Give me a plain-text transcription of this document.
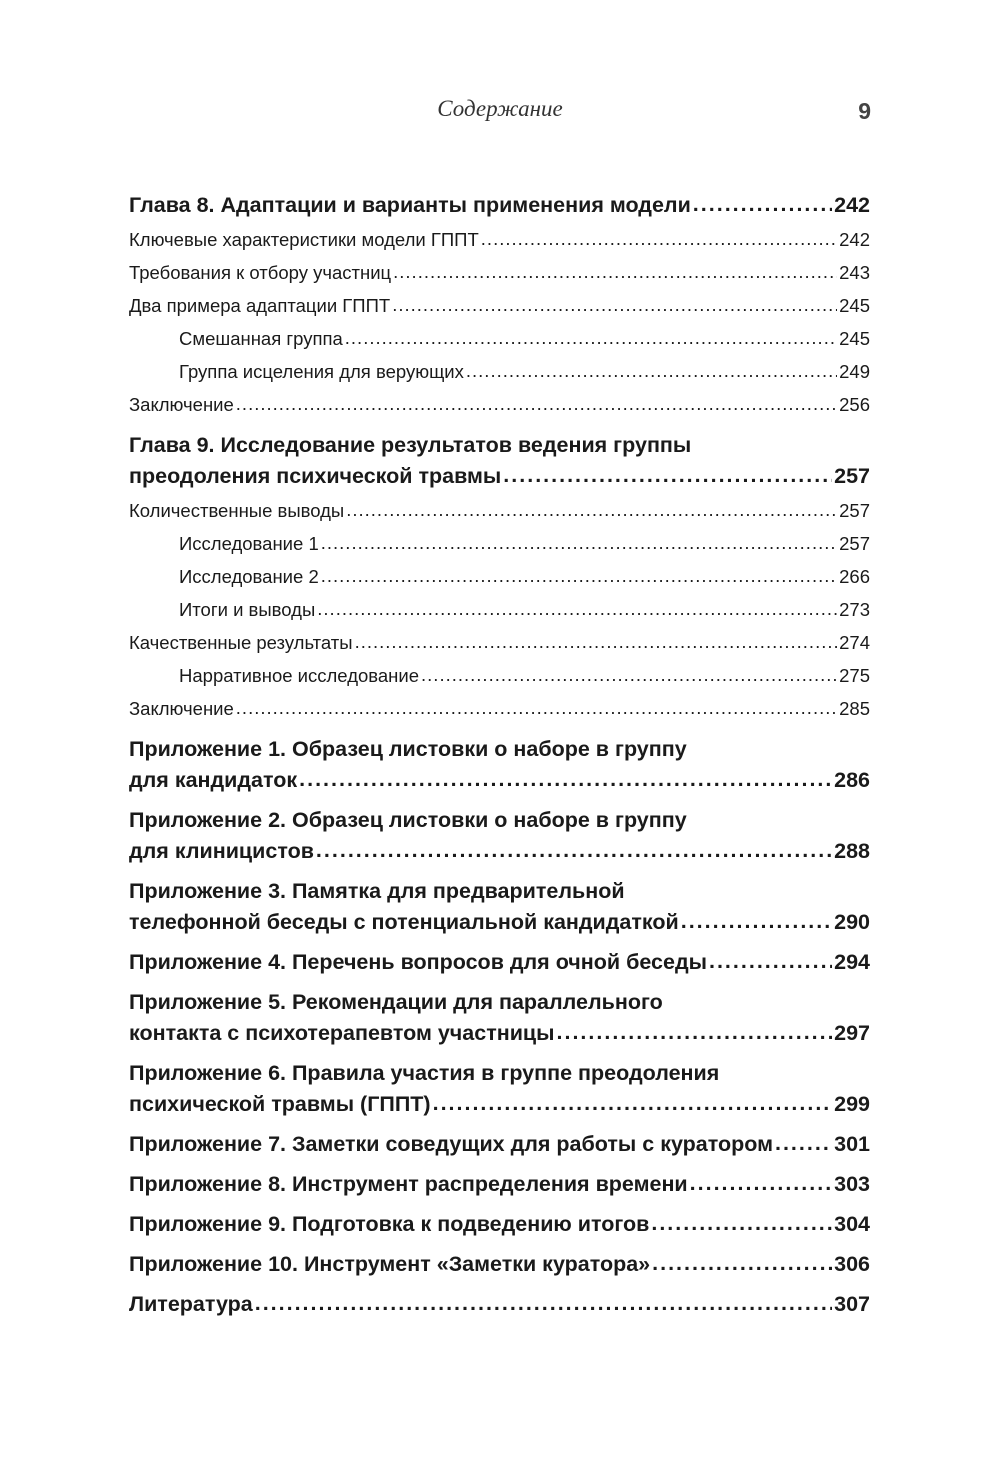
Содержание	9
Глава 8. Адаптации и варианты применения модели .....	242
Ключевые характеристики модели ГППТ .....	242
Требования к отбору участниц .....	243
Два примера адаптации ГППТ .....	245
Смешанная группа .....	245
Группа исцеления для верующих .....	249
Заключение .....	256
Глава 9. Исследование результатов ведения группы
преодоления психической травмы .....	257
Количественные выводы .....	257
Исследование 1 .....	257
Исследование 2 .....	266
Итоги и выводы .....	273
Качественные результаты .....	274
Нарративное исследование .....	275
Заключение .....	285
Приложение 1. Образец листовки о наборе в группу
для кандидаток .....	286
Приложение 2. Образец листовки о наборе в группу
для клиницистов .....	288
Приложение 3. Памятка для предварительной
телефонной беседы с потенциальной кандидаткой .....	290
Приложение 4. Перечень вопросов для очной беседы .....	294
Приложение 5. Рекомендации для параллельного
контакта с психотерапевтом участницы .....	297
Приложение 6. Правила участия в группе преодоления
психической травмы (ГППТ) .....	299
Приложение 7. Заметки соведущих для работы с куратором .....	301
Приложение 8. Инструмент распределения времени .....	303
Приложение 9. Подготовка к подведению итогов .....	304
Приложение 10. Инструмент «Заметки куратора» .....	306
Литература .....	307
